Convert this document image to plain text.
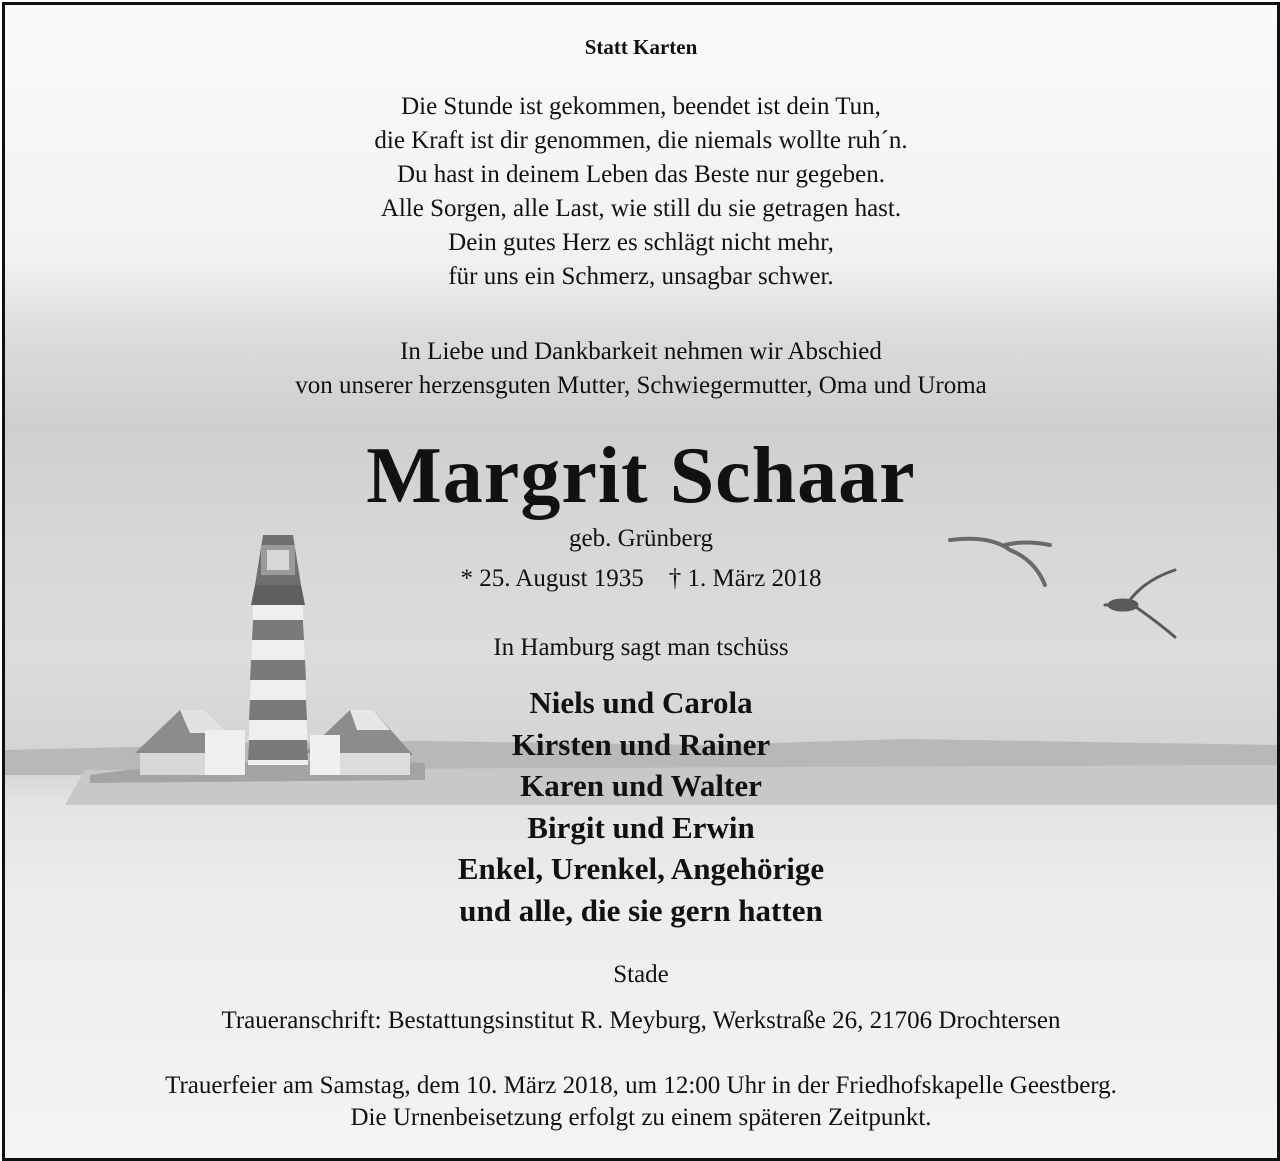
Statt Karten
Die Stunde ist gekommen, beendet ist dein Tun,
die Kraft ist dir genommen, die niemals wollte ruh´n.
Du hast in deinem Leben das Beste nur gegeben.
Alle Sorgen, alle Last, wie still du sie getragen hast.
Dein gutes Herz es schlägt nicht mehr,
für uns ein Schmerz, unsagbar schwer.
In Liebe und Dankbarkeit nehmen wir Abschied
von unserer herzensguten Mutter, Schwiegermutter, Oma und Uroma
Margrit Schaar
geb. Grünberg
* 25. August 1935    † 1. März 2018
In Hamburg sagt man tschüss
Niels und Carola
Kirsten und Rainer
Karen und Walter
Birgit und Erwin
Enkel, Urenkel, Angehörige
und alle, die sie gern hatten
Stade
Traueranschrift: Bestattungsinstitut R. Meyburg, Werkstraße 26, 21706 Drochtersen
Trauerfeier am Samstag, dem 10. März 2018, um 12:00 Uhr in der Friedhofskapelle Geestberg.
Die Urnenbeisetzung erfolgt zu einem späteren Zeitpunkt.
